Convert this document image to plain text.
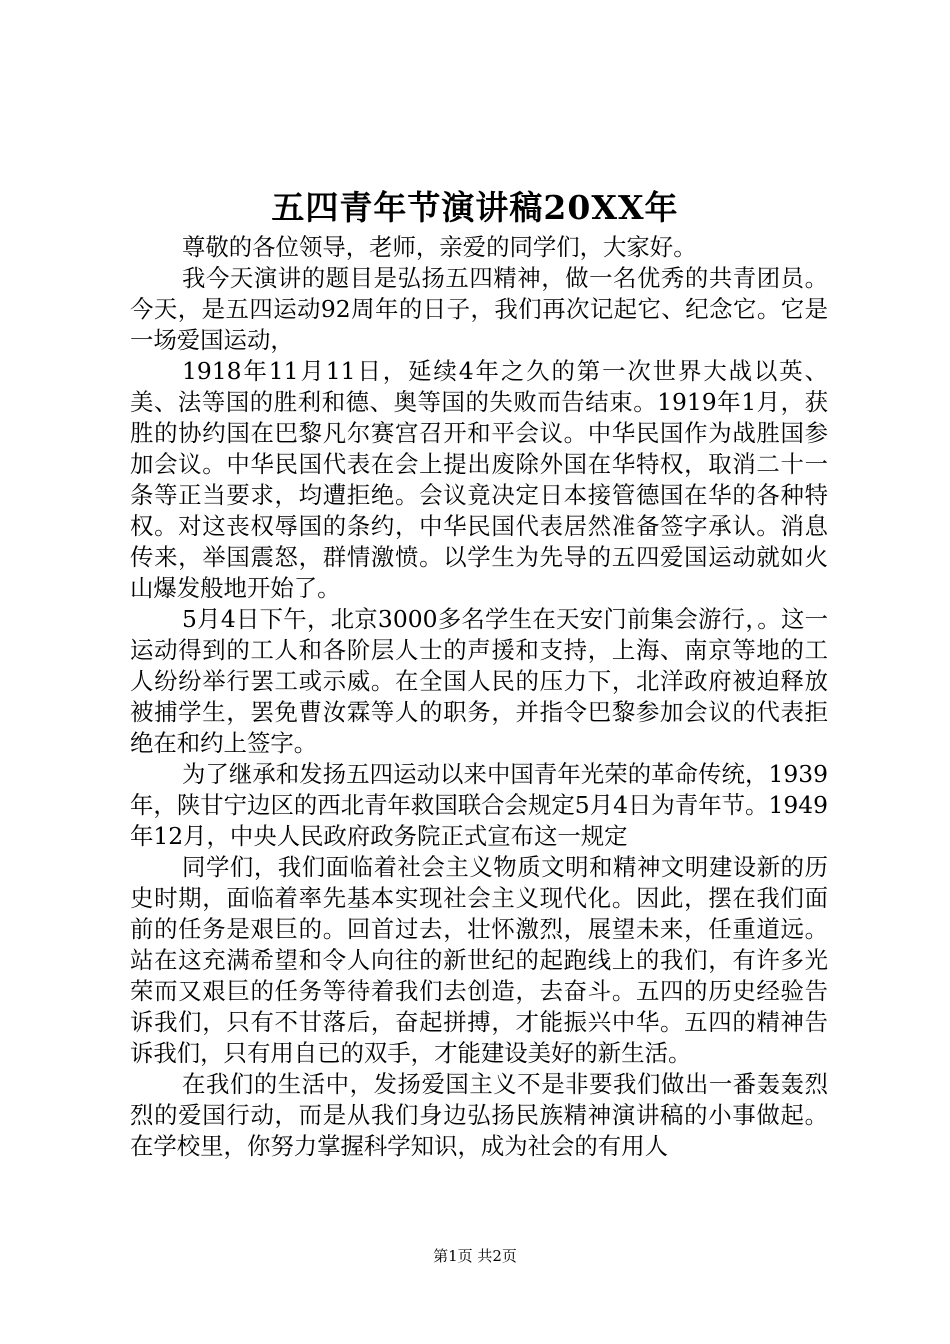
五四青年节演讲稿20XX年

尊敬的各位领导，老师，亲爱的同学们，大家好。

我今天演讲的题目是弘扬五四精神，做一名优秀的共青团员。今天，是五四运动92周年的日子，我们再次记起它、纪念它。它是一场爱国运动，

1918年11月11日，延续4年之久的第一次世界大战以英、美、法等国的胜利和德、奥等国的失败而告结束。1919年1月，获胜的协约国在巴黎凡尔赛宫召开和平会议。中华民国作为战胜国参加会议。中华民国代表在会上提出废除外国在华特权，取消二十一条等正当要求，均遭拒绝。会议竟决定日本接管德国在华的各种特权。对这丧权辱国的条约，中华民国代表居然准备签字承认。消息传来，举国震怒，群情激愤。以学生为先导的五四爱国运动就如火山爆发般地开始了。

5月4日下午，北京3000多名学生在天安门前集会游行，。这一运动得到的工人和各阶层人士的声援和支持，上海、南京等地的工人纷纷举行罢工或示威。在全国人民的压力下，北洋政府被迫释放被捕学生，罢免曹汝霖等人的职务，并指令巴黎参加会议的代表拒绝在和约上签字。

为了继承和发扬五四运动以来中国青年光荣的革命传统，1939年，陕甘宁边区的西北青年救国联合会规定5月4日为青年节。1949年12月，中央人民政府政务院正式宣布这一规定

同学们，我们面临着社会主义物质文明和精神文明建设新的历史时期，面临着率先基本实现社会主义现代化。因此，摆在我们面前的任务是艰巨的。回首过去，壮怀激烈，展望未来，任重道远。站在这充满希望和令人向往的新世纪的起跑线上的我们，有许多光荣而又艰巨的任务等待着我们去创造，去奋斗。五四的历史经验告诉我们，只有不甘落后，奋起拼搏，才能振兴中华。五四的精神告诉我们，只有用自已的双手，才能建设美好的新生活。

在我们的生活中，发扬爱国主义不是非要我们做出一番轰轰烈烈的爱国行动，而是从我们身边弘扬民族精神演讲稿的小事做起。在学校里，你努力掌握科学知识，成为社会的有用人

第1页 共2页
